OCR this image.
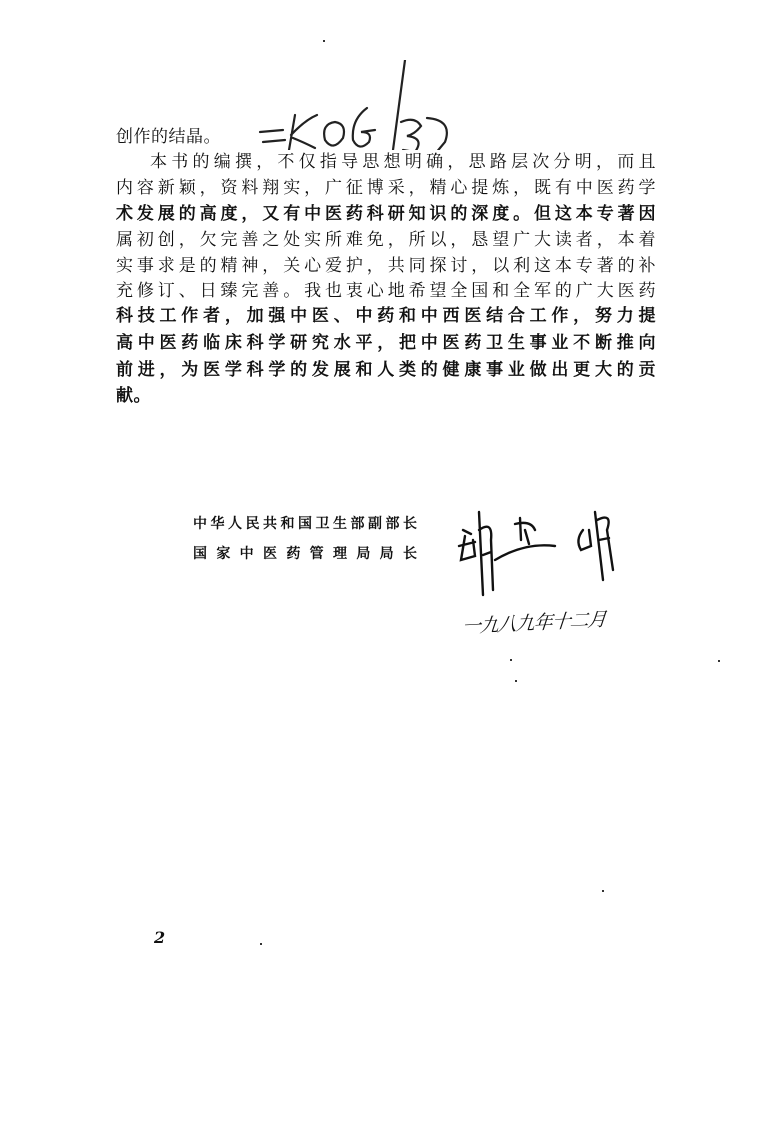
创作的结晶。
本书的编撰，不仅指导思想明确，思路层次分明，而且
内容新颖，资料翔实，广征博采，精心提炼，既有中医药学
术发展的高度，又有中医药科研知识的深度。但这本专著因
属初创，欠完善之处实所难免，所以，恳望广大读者，本着
实事求是的精神，关心爱护，共同探讨，以利这本专著的补
充修订、日臻完善。我也衷心地希望全国和全军的广大医药
科技工作者，加强中医、中药和中西医结合工作，努力提
高中医药临床科学研究水平，把中医药卫生事业不断推向
前进，为医学科学的发展和人类的健康事业做出更大的贡
献。
中华人民共和国卫生部副部长
国家中医药管理局局长
一九八九年十二月
2
